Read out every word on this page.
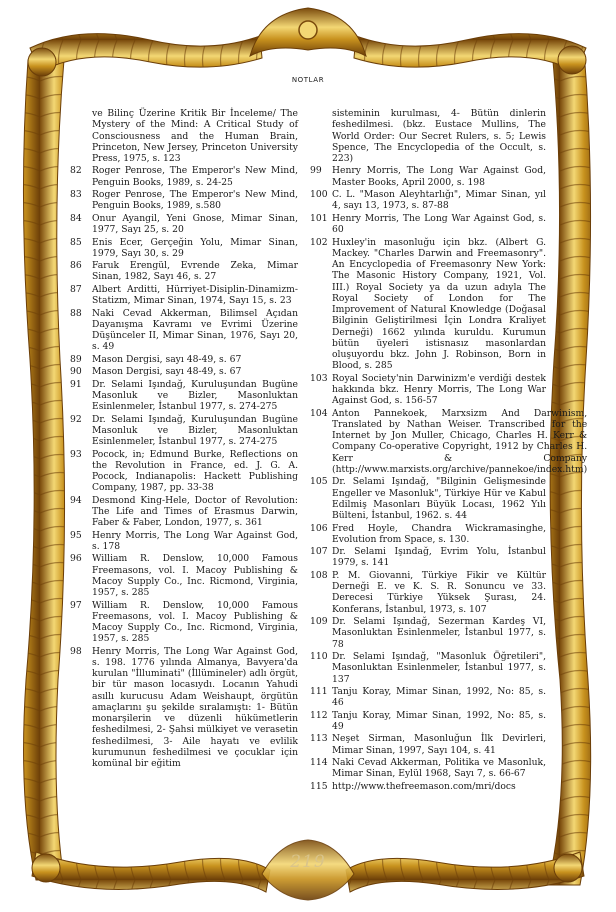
NOTLAR
ve Bilinç Üzerine Kritik Bir İnceleme/ The Mystery of the Mind: A Critical Study of Consciousness and the Human Brain, Princeton, New Jersey, Princeton University Press, 1975, s. 123
82	Roger Penrose, The Emperor's New Mind, Penguin Books, 1989, s. 24-25
83	Roger Penrose, The Emperor's New Mind, Penguin Books, 1989, s.580
84	Onur Ayangil, Yeni Gnose, Mimar Sinan, 1977, Sayı 25, s. 20
85	Enis Ecer, Gerçeğin Yolu, Mimar Sinan, 1979, Sayı 30, s. 29
86	Faruk Erengül, Evrende Zeka, Mimar Sinan, 1982, Sayı 46, s. 27
87	Albert Arditti, Hürriyet-Disiplin-Dinamizm-Statizm, Mimar Sinan, 1974, Sayı 15, s. 23
88	Naki Cevad Akkerman, Bilimsel Açıdan Dayanışma Kavramı ve Evrimi Üzerine Düşünceler II, Mimar Sinan, 1976, Sayı 20, s. 49
89	Mason Dergisi, sayı 48-49, s. 67
90	Mason Dergisi, sayı 48-49, s. 67
91	Dr. Selami Işındağ, Kuruluşundan Bugüne Masonluk ve Bizler, Masonluktan Esinlenmeler, İstanbul 1977, s. 274-275
92	Dr. Selami Işındağ, Kuruluşundan Bugüne Masonluk ve Bizler, Masonluktan Esinlenmeler, İstanbul 1977, s. 274-275
93	Pocock, in; Edmund Burke, Reflections on the Revolution in France, ed. J. G. A. Pocock, Indianapolis: Hackett Publishing Company, 1987, pp. 33-38
94	Desmond King-Hele, Doctor of Revolution: The Life and Times of Erasmus Darwin, Faber & Faber, London, 1977, s. 361
95	Henry Morris, The Long War Against God, s. 178
96	William R. Denslow, 10,000 Famous Freemasons, vol. I. Macoy Publishing & Macoy Supply Co., Inc. Ricmond, Virginia, 1957, s. 285
97	William R. Denslow, 10,000 Famous Freemasons, vol. I. Macoy Publishing & Macoy Supply Co., Inc. Ricmond, Virginia, 1957, s. 285
98	Henry Morris, The Long War Against God, s. 198. 1776 yılında Almanya, Bavyera'da kurulan "İlluminati" (İllümineler) adlı örgüt, bir tür mason locasıydı. Locanın Yahudi asıllı kurucusu Adam Weishaupt, örgütün amaçlarını şu şekilde sıralamıştı: 1- Bütün monarşilerin ve düzenli hükümetlerin feshedilmesi, 2- Şahsi mülkiyet ve verasetin feshedilmesi, 3- Aile hayatı ve evlilik kurumunun feshedilmesi ve çocuklar için komünal bir eğitim
sisteminin kurulması, 4- Bütün dinlerin feshedilmesi. (bkz. Eustace Mullins, The World Order: Our Secret Rulers, s. 5; Lewis Spence, The Encyclopedia of the Occult, s. 223)
99	Henry Morris, The Long War Against God, Master Books, April 2000, s. 198
100 C. L. "Mason Aleyhtarlığı", Mimar Sinan, yıl 4, sayı 13, 1973, s. 87-88
101 Henry Morris, The Long War Against God, s. 60
102 Huxley'in masonluğu için bkz. (Albert G. Mackey. "Charles Darwin and Freemasonry". An Encyclopedia of Freemasonry New York: The Masonic History Company, 1921, Vol. III.) Royal Society ya da uzun adıyla The Royal Society of London for The Improvement of Natural Knowledge (Doğasal Bilginin Geliştirilmesi İçin Londra Kraliyet Derneği) 1662 yılında kuruldu. Kurumun bütün üyeleri istisnasız masonlardan oluşuyordu bkz. John J. Robinson, Born in Blood, s. 285
103 Royal Society'nin Darwinizm'e verdiği destek hakkında bkz. Henry Morris, The Long War Against God, s. 156-57
104 Anton Pannekoek, Marxsizm And Darwinism, Translated by Nathan Weiser. Transcribed for the Internet by Jon Muller, Chicago, Charles H. Kerr & Company Co-operative Copyright, 1912 by Charles H. Kerr & Company (http://www.marxists.org/archive/pannekoe/index.htm)
105 Dr. Selami Işındağ, "Bilginin Gelişmesinde Engeller ve Masonluk", Türkiye Hür ve Kabul Edilmiş Masonları Büyük Locası, 1962 Yılı Bülteni, İstanbul, 1962. s. 44
106 Fred Hoyle, Chandra Wickramasinghe, Evolution from Space, s. 130.
107 Dr. Selami Işındağ, Evrim Yolu, İstanbul 1979, s. 141
108 P. M. Giovanni, Türkiye Fikir ve Kültür Derneği E. ve K. S. R. Sonuncu ve 33. Derecesi Türkiye Yüksek Şurası, 24. Konferans, İstanbul, 1973, s. 107
109 Dr. Selami Işındağ, Sezerman Kardeş VI, Masonluktan Esinlenmeler, İstanbul 1977, s. 78
110 Dr. Selami Işındağ, "Masonluk Öğretileri", Masonluktan Esinlenmeler, İstanbul 1977, s. 137
111 Tanju Koray, Mimar Sinan, 1992, No: 85, s. 46
112 Tanju Koray, Mimar Sinan, 1992, No: 85, s. 49
113 Neşet Sirman, Masonluğun İlk Devirleri, Mimar Sinan, 1997, Sayı 104, s. 41
114 Naki Cevad Akkerman, Politika ve Masonluk, Mimar Sinan, Eylül 1968, Sayı 7, s. 66-67
115 http://www.thefreemason.com/mri/docs
219
